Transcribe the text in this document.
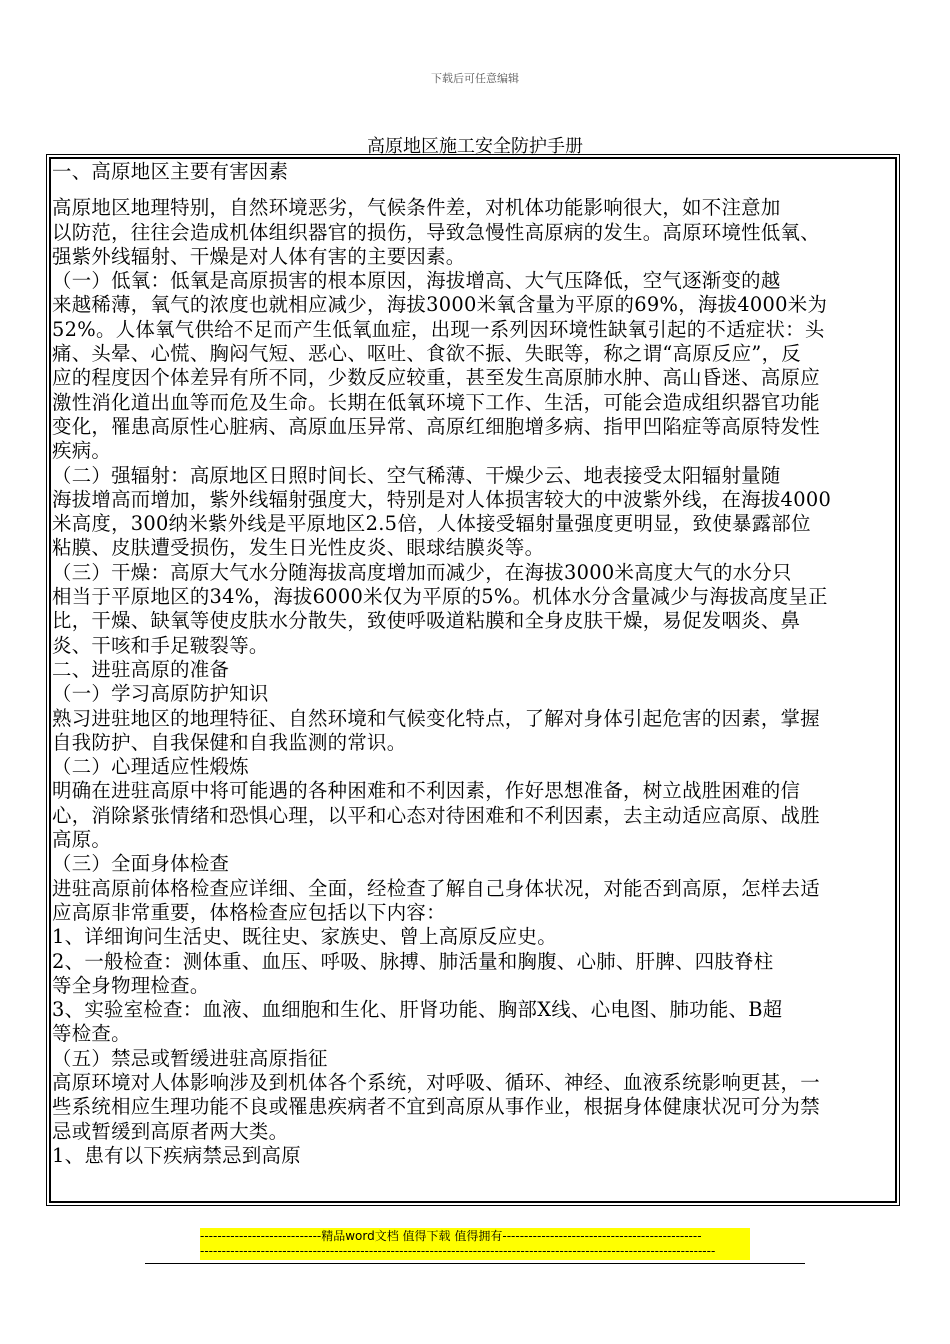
下载后可任意编辑
高原地区施工安全防护手册
一、高原地区主要有害因素
高原地区地理特别，自然环境恶劣，气候条件差，对机体功能影响很大，如不注意加
以防范，往往会造成机体组织器官的损伤，导致急慢性高原病的发生。高原环境性低氧、
强紫外线辐射、干燥是对人体有害的主要因素。
（一）低氧：低氧是高原损害的根本原因，海拔增高、大气压降低，空气逐渐变的越
来越稀薄，氧气的浓度也就相应减少，海拔3000米氧含量为平原的69%，海拔4000米为
52%。人体氧气供给不足而产生低氧血症，出现一系列因环境性缺氧引起的不适症状：头
痛、头晕、心慌、胸闷气短、恶心、呕吐、食欲不振、失眠等，称之谓“高原反应”，反
应的程度因个体差异有所不同，少数反应较重，甚至发生高原肺水肿、高山昏迷、高原应
激性消化道出血等而危及生命。长期在低氧环境下工作、生活，可能会造成组织器官功能
变化，罹患高原性心脏病、高原血压异常、高原红细胞增多病、指甲凹陷症等高原特发性
疾病。
（二）强辐射：高原地区日照时间长、空气稀薄、干燥少云、地表接受太阳辐射量随
海拔增高而增加，紫外线辐射强度大，特别是对人体损害较大的中波紫外线，在海拔4000
米高度，300纳米紫外线是平原地区2.5倍，人体接受辐射量强度更明显，致使暴露部位
粘膜、皮肤遭受损伤，发生日光性皮炎、眼球结膜炎等。
（三）干燥：高原大气水分随海拔高度增加而减少，在海拔3000米高度大气的水分只
相当于平原地区的34%，海拔6000米仅为平原的5%。机体水分含量减少与海拔高度呈正
比，干燥、缺氧等使皮肤水分散失，致使呼吸道粘膜和全身皮肤干燥，易促发咽炎、鼻
炎、干咳和手足皲裂等。
二、进驻高原的准备
（一）学习高原防护知识
熟习进驻地区的地理特征、自然环境和气候变化特点，了解对身体引起危害的因素，掌握
自我防护、自我保健和自我监测的常识。
（二）心理适应性煅炼
明确在进驻高原中将可能遇的各种困难和不利因素，作好思想准备，树立战胜困难的信
心，消除紧张情绪和恐惧心理，以平和心态对待困难和不利因素，去主动适应高原、战胜
高原。
（三）全面身体检查
进驻高原前体格检查应详细、全面，经检查了解自己身体状况，对能否到高原，怎样去适
应高原非常重要，体格检查应包括以下内容：
1、详细询问生活史、既往史、家族史、曾上高原反应史。
2、一般检查：测体重、血压、呼吸、脉搏、肺活量和胸腹、心肺、肝脾、四肢脊柱
等全身物理检查。
3、实验室检查：血液、血细胞和生化、肝肾功能、胸部X线、心电图、肺功能、B超
等检查。
（五）禁忌或暂缓进驻高原指征
高原环境对人体影响涉及到机体各个系统，对呼吸、循环、神经、血液系统影响更甚，一
些系统相应生理功能不良或罹患疾病者不宜到高原从事作业，根据身体健康状况可分为禁
忌或暂缓到高原者两大类。
1、患有以下疾病禁忌到高原
----------------------------精品word文档 值得下载 值得拥有----------------------------------------------
-----------------------------------------------------------------------------------------------------------------------
